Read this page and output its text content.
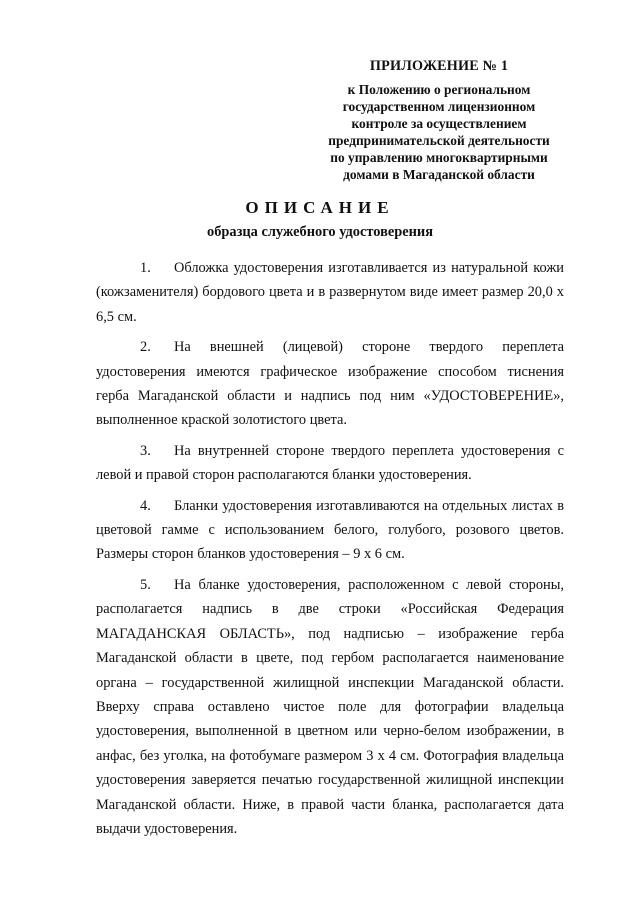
ПРИЛОЖЕНИЕ № 1
к Положению о региональном
государственном лицензионном
контроле за осуществлением
предпринимательской деятельности
по управлению многоквартирными
домами в Магаданской области
ОПИСАНИЕ
образца служебного удостоверения

1. Обложка удостоверения изготавливается из натуральной кожи (кожзаменителя) бордового цвета и в развернутом виде имеет размер 20,0 х 6,5 см.

2. На внешней (лицевой) стороне твердого переплета удостоверения имеются графическое изображение способом тиснения герба Магаданской области и надпись под ним «УДОСТОВЕРЕНИЕ», выполненное краской золотистого цвета.

3. На внутренней стороне твердого переплета удостоверения с левой и правой сторон располагаются бланки удостоверения.

4. Бланки удостоверения изготавливаются на отдельных листах в цветовой гамме с использованием белого, голубого, розового цветов. Размеры сторон бланков удостоверения – 9 х 6 см.

5. На бланке удостоверения, расположенном с левой стороны, располагается надпись в две строки «Российская Федерация МАГАДАНСКАЯ ОБЛАСТЬ», под надписью – изображение герба Магаданской области в цвете, под гербом располагается наименование органа – государственной жилищной инспекции Магаданской области. Вверху справа оставлено чистое поле для фотографии владельца удостоверения, выполненной в цветном или черно-белом изображении, в анфас, без уголка, на фотобумаге размером 3 х 4 см. Фотография владельца удостоверения заверяется печатью государственной жилищной инспекции Магаданской области. Ниже, в правой части бланка, располагается дата выдачи удостоверения.
